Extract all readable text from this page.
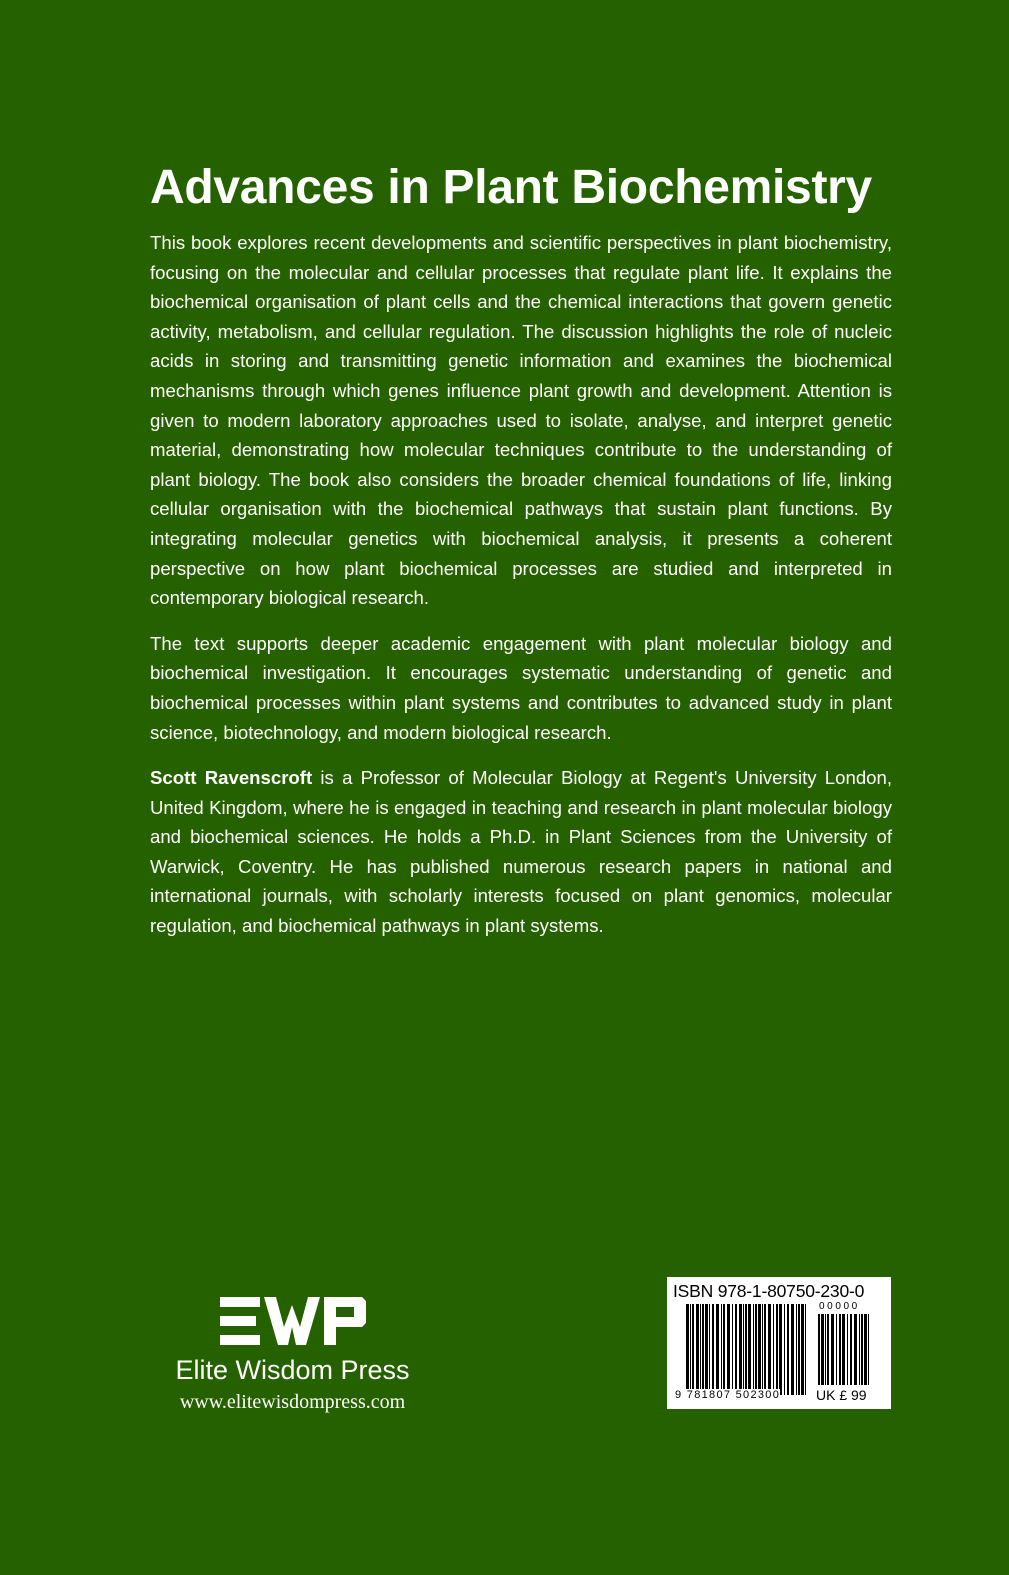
Advances in Plant Biochemistry

This book explores recent developments and scientific perspectives in plant biochemistry, focusing on the molecular and cellular processes that regulate plant life. It explains the biochemical organisation of plant cells and the chemical interactions that govern genetic activity, metabolism, and cellular regulation. The discussion highlights the role of nucleic acids in storing and transmitting genetic information and examines the biochemical mechanisms through which genes influence plant growth and development. Attention is given to modern laboratory approaches used to isolate, analyse, and interpret genetic material, demonstrating how molecular techniques contribute to the understanding of plant biology. The book also considers the broader chemical foundations of life, linking cellular organisation with the biochemical pathways that sustain plant functions. By integrating molecular genetics with biochemical analysis, it presents a coherent perspective on how plant biochemical processes are studied and interpreted in contemporary biological research.

The text supports deeper academic engagement with plant molecular biology and biochemical investigation. It encourages systematic understanding of genetic and biochemical processes within plant systems and contributes to advanced study in plant science, biotechnology, and modern biological research.

Scott Ravenscroft is a Professor of Molecular Biology at Regent's University London, United Kingdom, where he is engaged in teaching and research in plant molecular biology and biochemical sciences. He holds a Ph.D. in Plant Sciences from the University of Warwick, Coventry. He has published numerous research papers in national and international journals, with scholarly interests focused on plant genomics, molecular regulation, and biochemical pathways in plant systems.

Elite Wisdom Press
www.elitewisdompress.com
ISBN 978-1-80750-230-0
00000
9 781807 502300	UK £ 99
